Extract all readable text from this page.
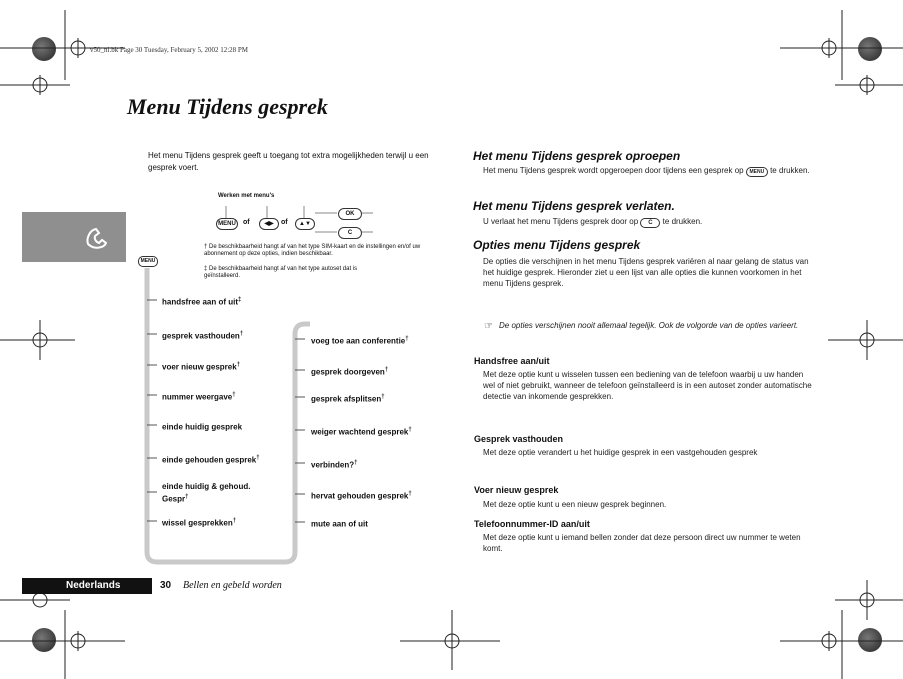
v50_nl.bk Page 30 Tuesday, February 5, 2002 12:28 PM
Menu Tijdens gesprek
Het menu Tijdens gesprek geeft u toegang tot extra mogelijkheden terwijl u een gesprek voert.
Werken met menu's
MENU	of	◀▶	of	▲▼
OK
C
† De beschikbaarheid hangt af van het type SIM-kaart en de instellingen en/of uw abonnement op deze opties, indien beschikbaar.
‡ De beschikbaarheid hangt af van het type autoset dat is geïnstalleerd.
MENU
handsfree aan of uit‡
gesprek vasthouden†
voer nieuw gesprek†
nummer weergave†
einde huidig gesprek
einde gehouden gesprek†
einde huidig & gehoud. Gespr†
wissel gesprekken†
voeg toe aan conferentie†
gesprek doorgeven†
gesprek afsplitsen†
weiger wachtend gesprek†
verbinden?†
hervat gehouden gesprek†
mute aan of uit
Het menu Tijdens gesprek oproepen
Het menu Tijdens gesprek wordt opgeroepen door tijdens een gesprek op MENU te drukken.
Het menu Tijdens gesprek verlaten.
U verlaat het menu Tijdens gesprek door op C te drukken.
Opties menu Tijdens gesprek
De opties die verschijnen in het menu Tijdens gesprek variëren al naar gelang de status van het huidige gesprek. Hieronder ziet u een lijst van alle opties die kunnen voorkomen in het menu Tijdens gesprek.
☞ De opties verschijnen nooit allemaal tegelijk. Ook de volgorde van de opties varieert.
Handsfree aan/uit
Met deze optie kunt u wisselen tussen een bediening van de telefoon waarbij u uw handen wel of niet gebruikt, wanneer de telefoon geïnstalleerd is in een autoset zonder automatische detectie van inkomende gesprekken.
Gesprek vasthouden
Met deze optie verandert u het huidige gesprek in een vastgehouden gesprek
Voer nieuw gesprek
Met deze optie kunt u een nieuw gesprek beginnen.
Telefoonnummer-ID aan/uit
Met deze optie kunt u iemand bellen zonder dat deze persoon direct uw nummer te weten komt.
Nederlands	30 Bellen en gebeld worden
